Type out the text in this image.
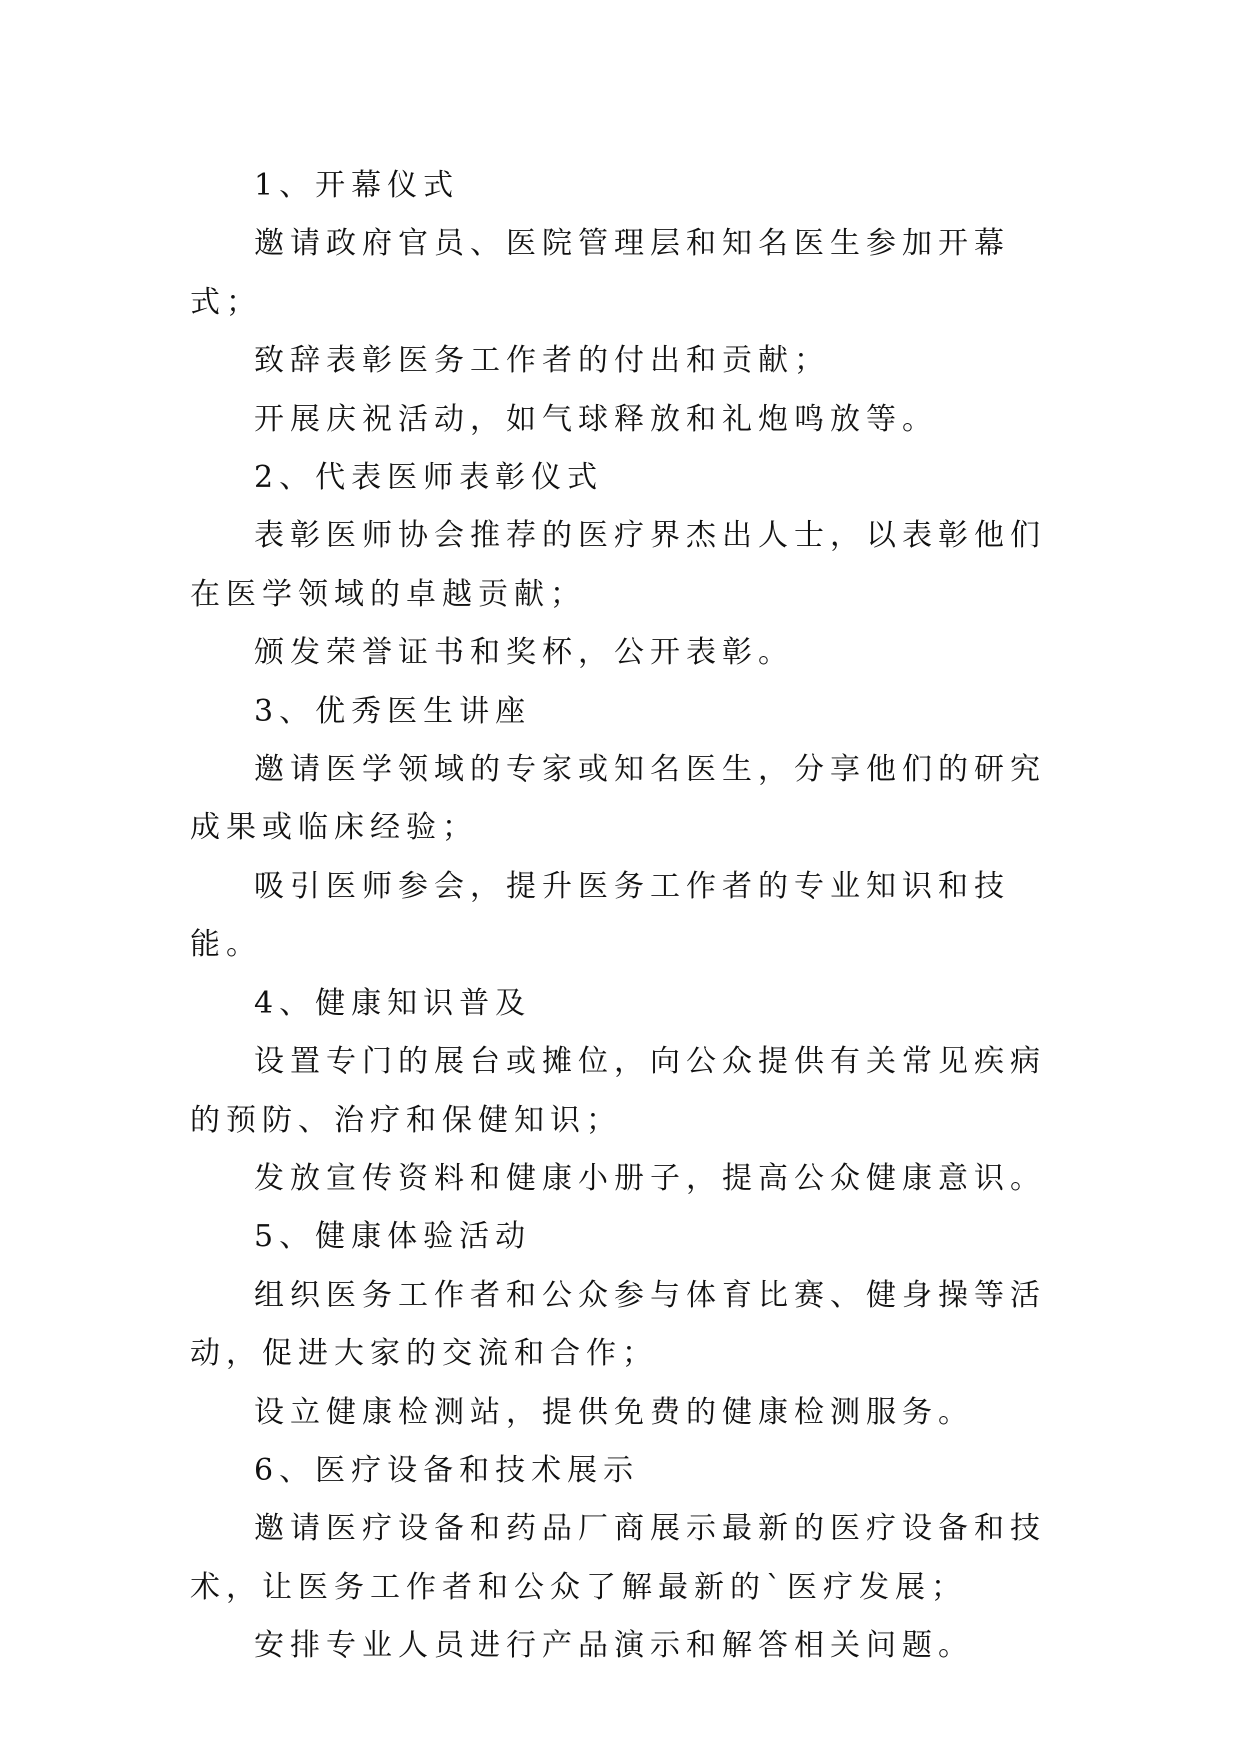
1、开幕仪式

邀请政府官员、医院管理层和知名医生参加开幕式；

致辞表彰医务工作者的付出和贡献；

开展庆祝活动，如气球释放和礼炮鸣放等。

2、代表医师表彰仪式

表彰医师协会推荐的医疗界杰出人士，以表彰他们在医学领域的卓越贡献；

颁发荣誉证书和奖杯，公开表彰。

3、优秀医生讲座

邀请医学领域的专家或知名医生，分享他们的研究成果或临床经验；

吸引医师参会，提升医务工作者的专业知识和技能。

4、健康知识普及

设置专门的展台或摊位，向公众提供有关常见疾病的预防、治疗和保健知识；

发放宣传资料和健康小册子，提高公众健康意识。

5、健康体验活动

组织医务工作者和公众参与体育比赛、健身操等活动，促进大家的交流和合作；

设立健康检测站，提供免费的健康检测服务。

6、医疗设备和技术展示

邀请医疗设备和药品厂商展示最新的医疗设备和技术，让医务工作者和公众了解最新的`医疗发展；

安排专业人员进行产品演示和解答相关问题。
